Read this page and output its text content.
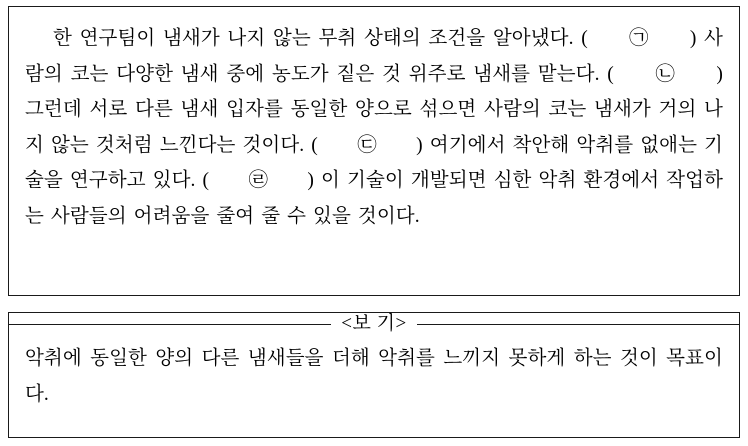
한 연구팀이 냄새가 나지 않는 무취 상태의 조건을 알아냈다. (　　㉠　　) 사람의 코는 다양한 냄새 중에 농도가 짙은 것 위주로 냄새를 맡는다. (　　㉡　　) 그런데 서로 다른 냄새 입자를 동일한 양으로 섞으면 사람의 코는 냄새가 거의 나지 않는 것처럼 느낀다는 것이다. (　　㉢　　) 여기에서 착안해 악취를 없애는 기술을 연구하고 있다. (　　㉣　　) 이 기술이 개발되면 심한 악취 환경에서 작업하는 사람들의 어려움을 줄여 줄 수 있을 것이다.

악취에 동일한 양의 다른 냄새들을 더해 악취를 느끼지 못하게 하는 것이 목표이다.

<보 기>
